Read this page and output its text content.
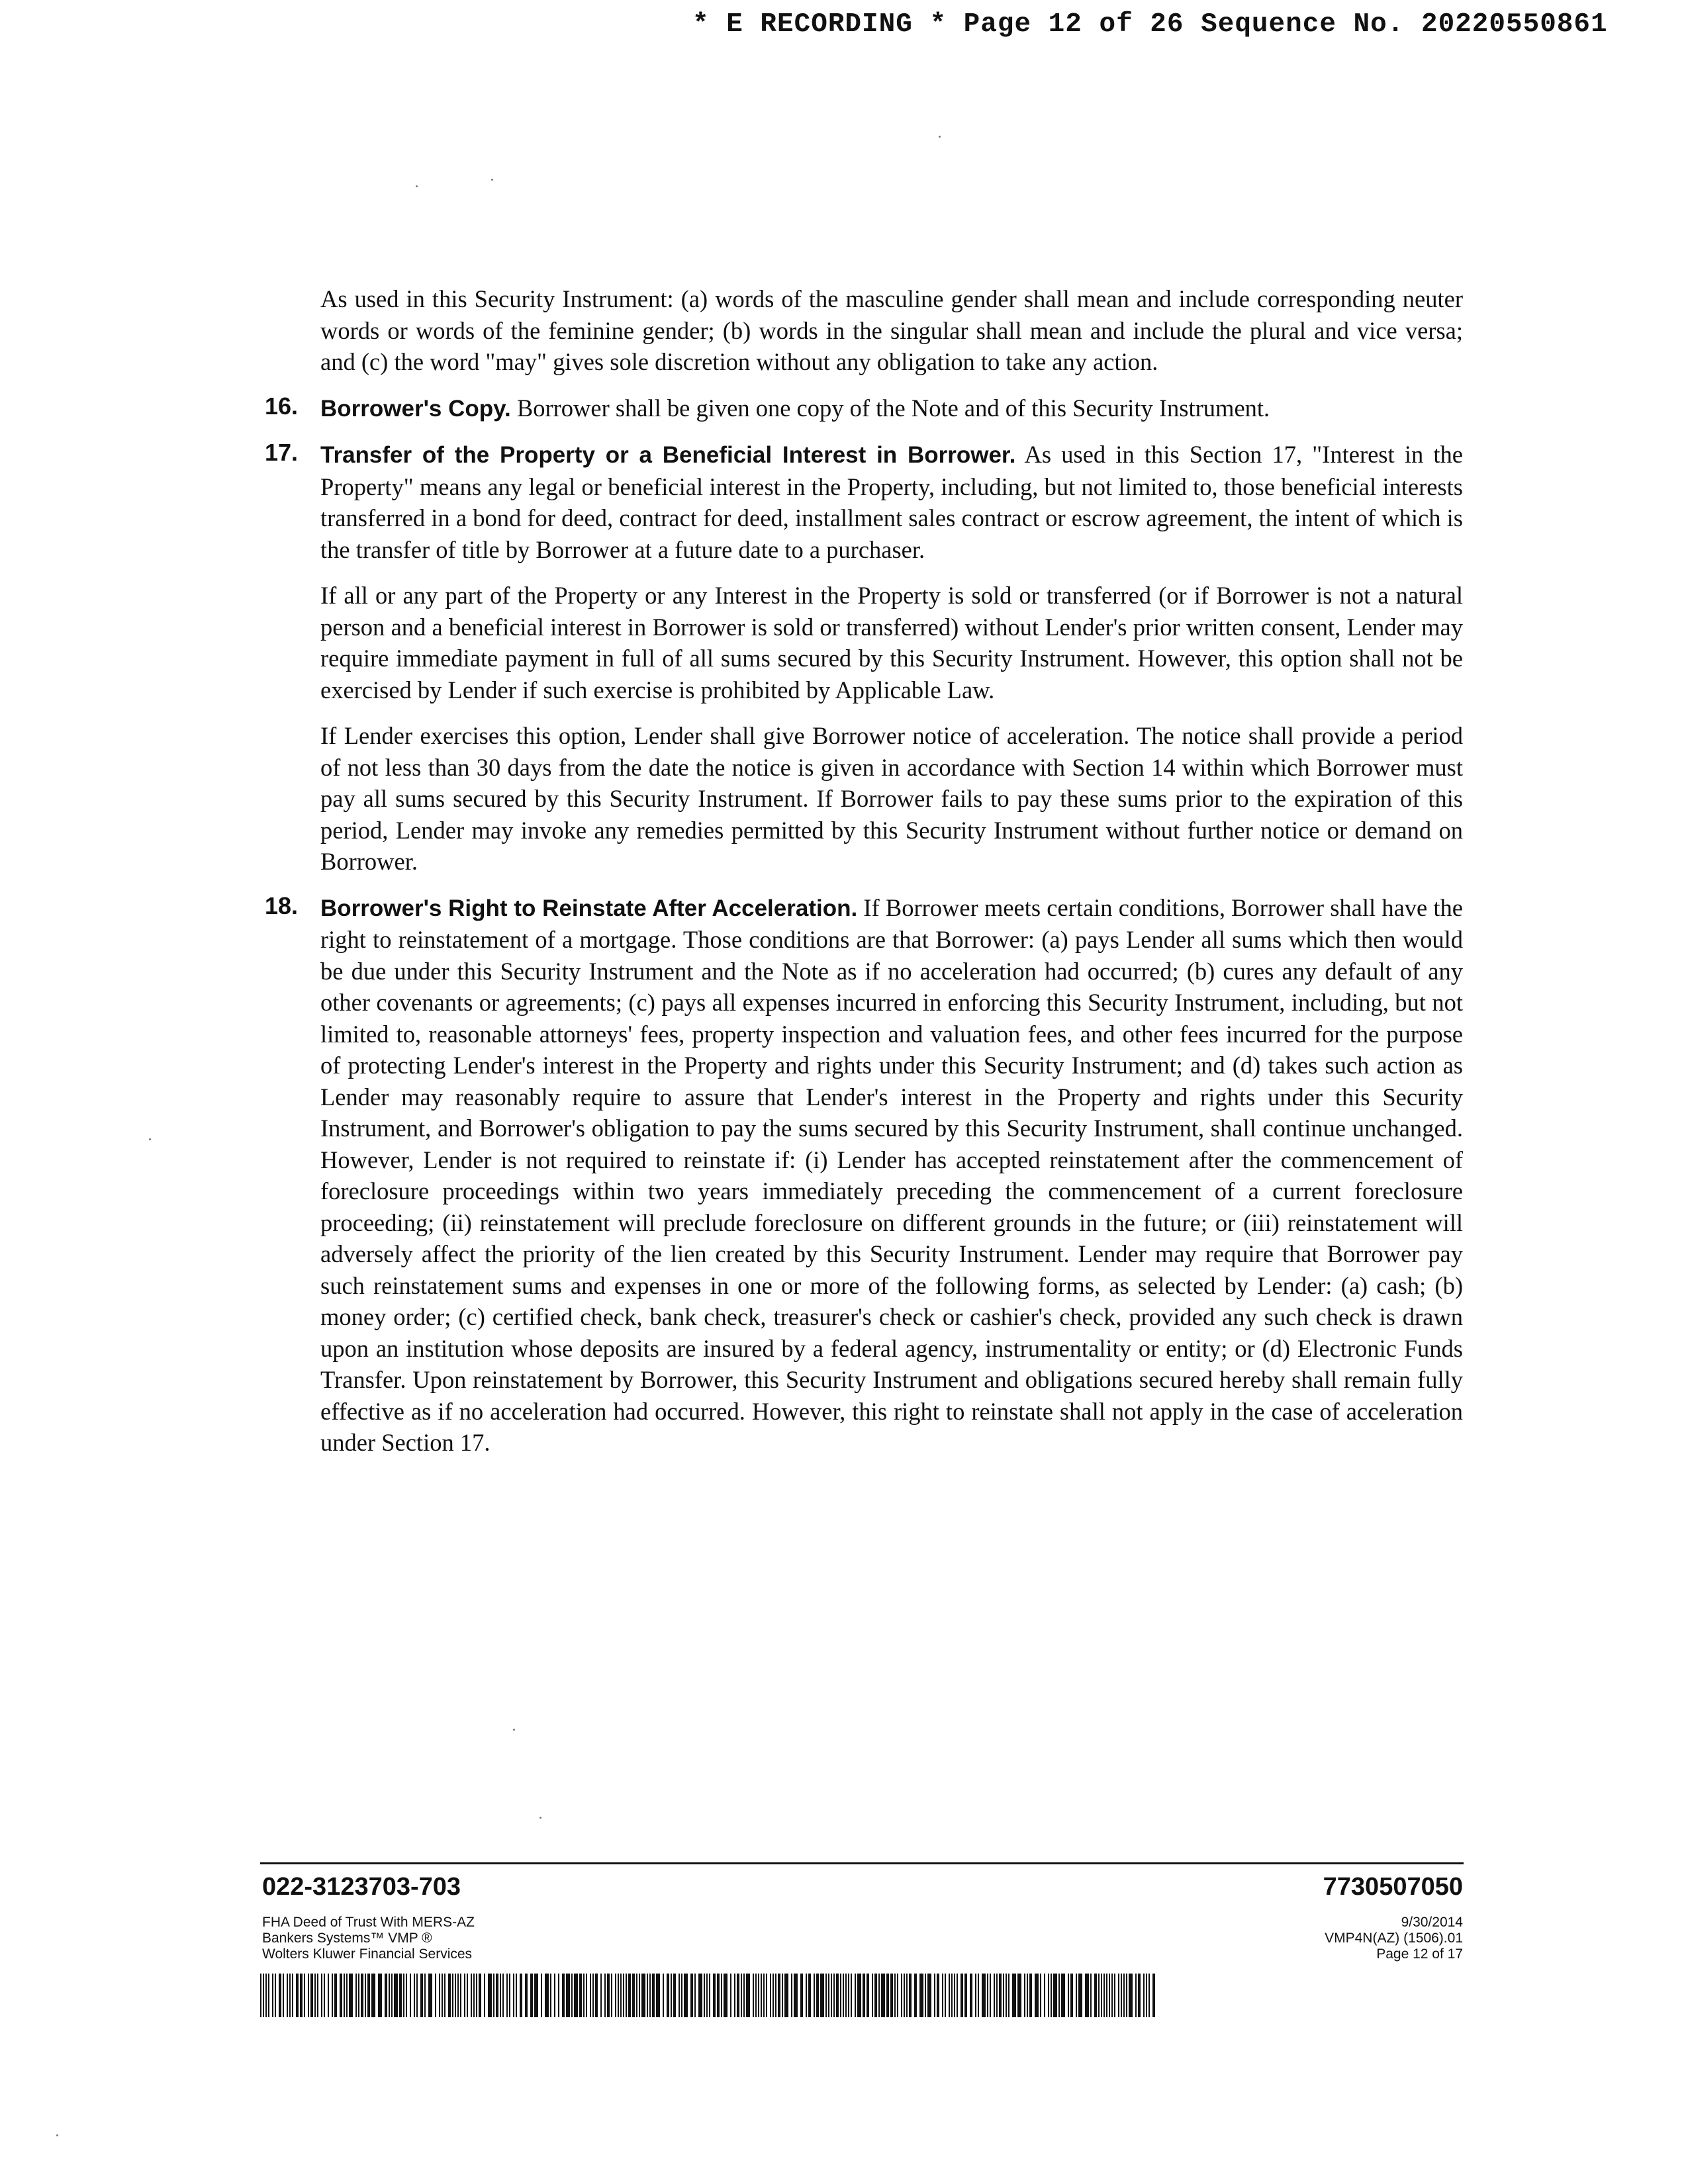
* E RECORDING * Page 12 of 26 Sequence No. 20220550861

As used in this Security Instrument: (a) words of the masculine gender shall mean and include corresponding neuter words or words of the feminine gender; (b) words in the singular shall mean and include the plural and vice versa; and (c) the word "may" gives sole discretion without any obligation to take any action.

16. Borrower's Copy. Borrower shall be given one copy of the Note and of this Security Instrument.

17. Transfer of the Property or a Beneficial Interest in Borrower. As used in this Section 17, "Interest in the Property" means any legal or beneficial interest in the Property, including, but not limited to, those beneficial interests transferred in a bond for deed, contract for deed, installment sales contract or escrow agreement, the intent of which is the transfer of title by Borrower at a future date to a purchaser.

If all or any part of the Property or any Interest in the Property is sold or transferred (or if Borrower is not a natural person and a beneficial interest in Borrower is sold or transferred) without Lender's prior written consent, Lender may require immediate payment in full of all sums secured by this Security Instrument. However, this option shall not be exercised by Lender if such exercise is prohibited by Applicable Law.

If Lender exercises this option, Lender shall give Borrower notice of acceleration. The notice shall provide a period of not less than 30 days from the date the notice is given in accordance with Section 14 within which Borrower must pay all sums secured by this Security Instrument. If Borrower fails to pay these sums prior to the expiration of this period, Lender may invoke any remedies permitted by this Security Instrument without further notice or demand on Borrower.

18. Borrower's Right to Reinstate After Acceleration. If Borrower meets certain conditions, Borrower shall have the right to reinstatement of a mortgage. Those conditions are that Borrower: (a) pays Lender all sums which then would be due under this Security Instrument and the Note as if no acceleration had occurred; (b) cures any default of any other covenants or agreements; (c) pays all expenses incurred in enforcing this Security Instrument, including, but not limited to, reasonable attorneys' fees, property inspection and valuation fees, and other fees incurred for the purpose of protecting Lender's interest in the Property and rights under this Security Instrument; and (d) takes such action as Lender may reasonably require to assure that Lender's interest in the Property and rights under this Security Instrument, and Borrower's obligation to pay the sums secured by this Security Instrument, shall continue unchanged. However, Lender is not required to reinstate if: (i) Lender has accepted reinstatement after the commencement of foreclosure proceedings within two years immediately preceding the commencement of a current foreclosure proceeding; (ii) reinstatement will preclude foreclosure on different grounds in the future; or (iii) reinstatement will adversely affect the priority of the lien created by this Security Instrument. Lender may require that Borrower pay such reinstatement sums and expenses in one or more of the following forms, as selected by Lender: (a) cash; (b) money order; (c) certified check, bank check, treasurer's check or cashier's check, provided any such check is drawn upon an institution whose deposits are insured by a federal agency, instrumentality or entity; or (d) Electronic Funds Transfer. Upon reinstatement by Borrower, this Security Instrument and obligations secured hereby shall remain fully effective as if no acceleration had occurred. However, this right to reinstate shall not apply in the case of acceleration under Section 17.

022-3123703-703	7730507050
FHA Deed of Trust With MERS-AZ
Bankers Systems™ VMP ®
Wolters Kluwer Financial Services
9/30/2014
VMP4N(AZ) (1506).01
Page 12 of 17
